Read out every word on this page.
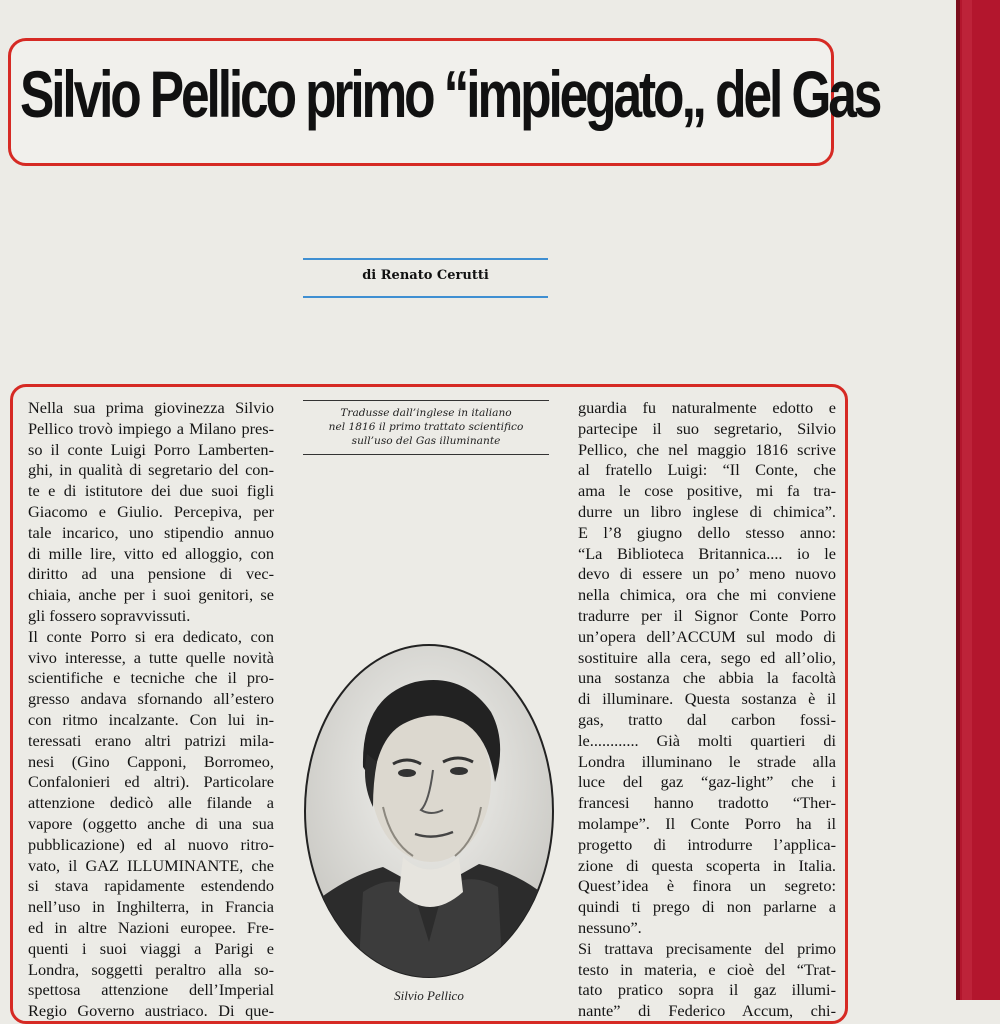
Silvio Pellico primo “impiegato„ del Gas
di Renato Cerutti
Nella sua prima giovinezza Silvio
Pellico trovò impiego a Milano pres-
so il conte Luigi Porro Lamberten-
ghi, in qualità di segretario del con-
te e di istitutore dei due suoi figli
Giacomo e Giulio. Percepiva, per
tale incarico, uno stipendio annuo
di mille lire, vitto ed alloggio, con
diritto ad una pensione di vec-
chiaia, anche per i suoi genitori, se
gli fossero sopravvissuti.
Il conte Porro si era dedicato, con
vivo interesse, a tutte quelle novità
scientifiche e tecniche che il pro-
gresso andava sfornando all’estero
con ritmo incalzante. Con lui in-
teressati erano altri patrizi mila-
nesi (Gino Capponi, Borromeo,
Confalonieri ed altri). Particolare
attenzione dedicò alle filande a
vapore (oggetto anche di una sua
pubblicazione) ed al nuovo ritro-
vato, il GAZ ILLUMINANTE, che
si stava rapidamente estendendo
nell’uso in Inghilterra, in Francia
ed in altre Nazioni europee. Fre-
quenti i suoi viaggi a Parigi e
Londra, soggetti peraltro alla so-
spettosa attenzione dell’Imperial
Regio Governo austriaco. Di que-
Tradusse dall’inglese in italiano
nel 1816 il primo trattato scientifico
sull’uso del Gas illuminante
Silvio Pellico
guardia fu naturalmente edotto e
partecipe il suo segretario, Silvio
Pellico, che nel maggio 1816 scrive
al fratello Luigi: “Il Conte, che
ama le cose positive, mi fa tra-
durre un libro inglese di chimica”.
E l’8 giugno dello stesso anno:
“La Biblioteca Britannica.... io le
devo di essere un po’ meno nuovo
nella chimica, ora che mi conviene
tradurre per il Signor Conte Porro
un’opera dell’ACCUM sul modo di
sostituire alla cera, sego ed all’olio,
una sostanza che abbia la facoltà
di illuminare. Questa sostanza è il
gas, tratto dal carbon fossi-
le............ Già molti quartieri di
Londra illuminano le strade alla
luce del gaz “gaz-light” che i
francesi hanno tradotto “Ther-
molampe”. Il Conte Porro ha il
progetto di introdurre l’applica-
zione di questa scoperta in Italia.
Quest’idea è finora un segreto:
quindi ti prego di non parlarne a
nessuno”.
Si trattava precisamente del primo
testo in materia, e cioè del “Trat-
tato pratico sopra il gaz illumi-
nante” di Federico Accum, chi-
